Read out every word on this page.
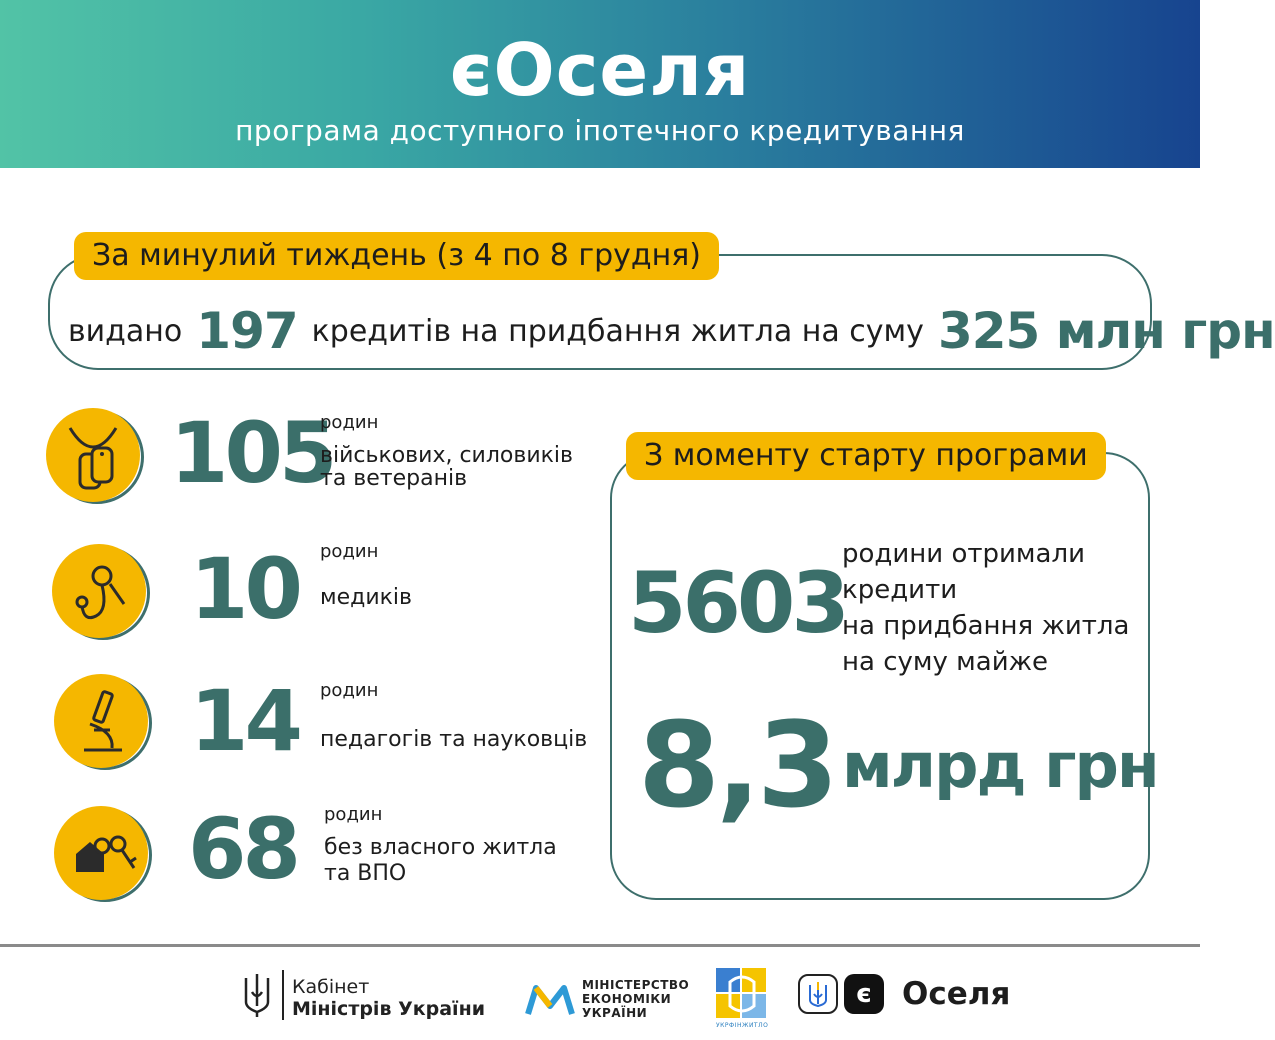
єОселя
програма доступного іпотечного кредитування
За минулий тиждень (з 4 по 8 грудня)
видано 197 кредитів на придбання житла на суму 325 млн грн
105
родин
військових, силовиків
та ветеранів
10 родин
медиків
14 родин
педагогів та науковців
68 родин
без власного житла
та ВПО
З моменту старту програми
5603
родини отримали
кредити
на придбання житла
на суму майже
8,3 млрд грн
Кабінет
Міністрів України
МІНІСТЕРСТВО
ЕКОНОМІКИ
УКРАЇНИ
УКРФІНЖИТЛО
є Оселя
